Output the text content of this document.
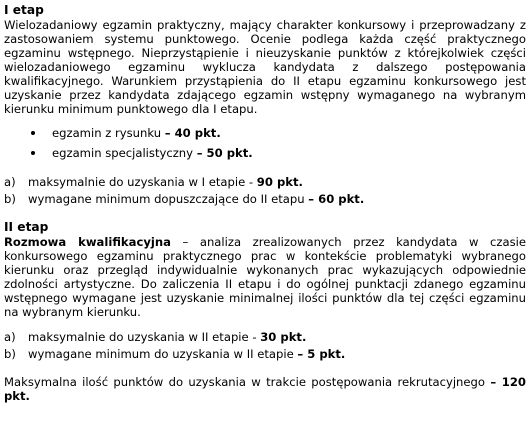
I etap

Wielozadaniowy egzamin praktyczny, mający charakter konkursowy i przeprowadzany z zastosowaniem systemu punktowego. Ocenie podlega każda część praktycznego egzaminu wstępnego. Nieprzystąpienie i nieuzyskanie punktów z którejkolwiek części wielozadaniowego egzaminu wyklucza kandydata z dalszego postępowania kwalifikacyjnego. Warunkiem przystąpienia do II etapu egzaminu konkursowego jest uzyskanie przez kandydata zdającego egzamin wstępny wymaganego na wybranym kierunku minimum punktowego dla I etapu.

egzamin z rysunku – 40 pkt.
egzamin specjalistyczny – 50 pkt.
a) maksymalnie do uzyskania w I etapie - 90 pkt.
b) wymagane minimum dopuszczające do II etapu – 60 pkt.
II etap

Rozmowa kwalifikacyjna – analiza zrealizowanych przez kandydata w czasie konkursowego egzaminu praktycznego prac w kontekście problematyki wybranego kierunku oraz przegląd indywidualnie wykonanych prac wykazujących odpowiednie zdolności artystyczne. Do zaliczenia II etapu i do ogólnej punktacji zdanego egzaminu wstępnego wymagane jest uzyskanie minimalnej ilości punktów dla tej części egzaminu na wybranym kierunku.

a) maksymalnie do uzyskania w II etapie - 30 pkt.
b) wymagane minimum do uzyskania w II etapie – 5 pkt.

Maksymalna ilość punktów do uzyskania w trakcie postępowania rekrutacyjnego – 120 pkt.
